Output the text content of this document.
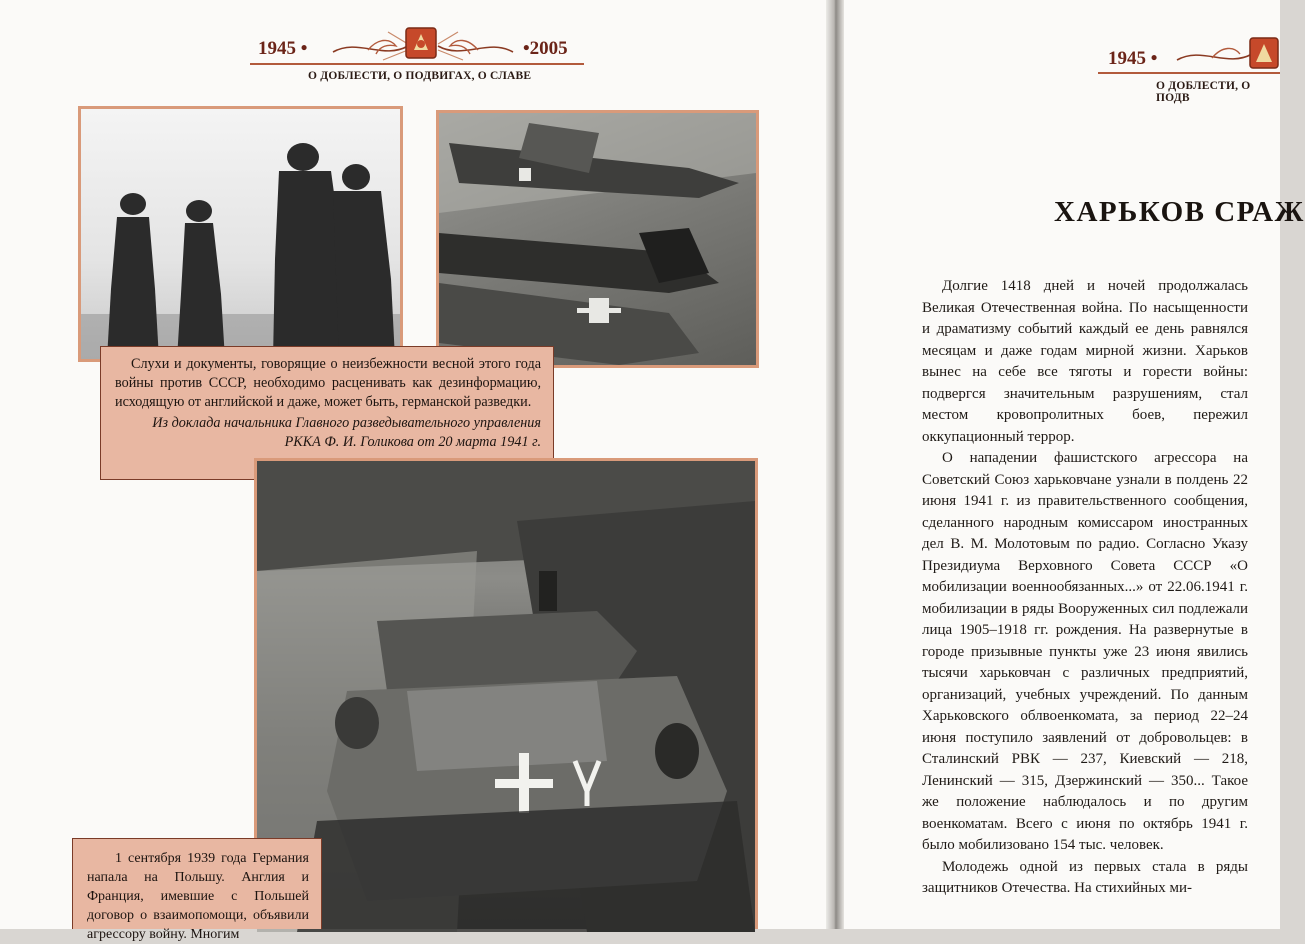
1945 •	•2005
О ДОБЛЕСТИ, О ПОДВИГАХ, О СЛАВЕ

Слухи и документы, говорящие о неизбежности весной этого года войны против СССР, необходимо расценивать как дезинформацию, исходящую от английской и даже, может быть, германской разведки.

Из доклада начальника Главного разведывательного управления РККА Ф. И. Голикова от 20 марта 1941 г.

1 сентября 1939 года Германия напала на Польшу. Англия и Франция, имевшие с Польшей договор о взаимопомощи, объявили агрессору войну. Многим

1945 •
О ДОБЛЕСТИ, О ПОДВ
ХАРЬКОВ СРАЖ

Долгие 1418 дней и ночей продолжалась Великая Отечественная война. По насыщенности и драматизму событий каждый ее день равнялся месяцам и даже годам мирной жизни. Харьков вынес на себе все тяготы и горести войны: подвергся значительным разрушениям, стал местом кровопролитных боев, пережил оккупационный террор.

О нападении фашистского агрессора на Советский Союз харьковчане узнали в полдень 22 июня 1941 г. из правительственного сообщения, сделанного народным комиссаром иностранных дел В. М. Молотовым по радио. Согласно Указу Президиума Верховного Совета СССР «О мобилизации военнообязанных...» от 22.06.1941 г. мобилизации в ряды Вооруженных сил подлежали лица 1905–1918 гг. рождения. На развернутые в городе призывные пункты уже 23 июня явились тысячи харьковчан с различных предприятий, организаций, учебных учреждений. По данным Харьковского облвоенкомата, за период 22–24 июня поступило заявлений от добровольцев: в Сталинский РВК — 237, Киевский — 218, Ленинский — 315, Дзержинский — 350... Такое же положение наблюдалось и по другим военкоматам. Всего с июня по октябрь 1941 г. было мобилизовано 154 тыс. человек.

Молодежь одной из первых стала в ряды защитников Отечества. На стихийных ми-
